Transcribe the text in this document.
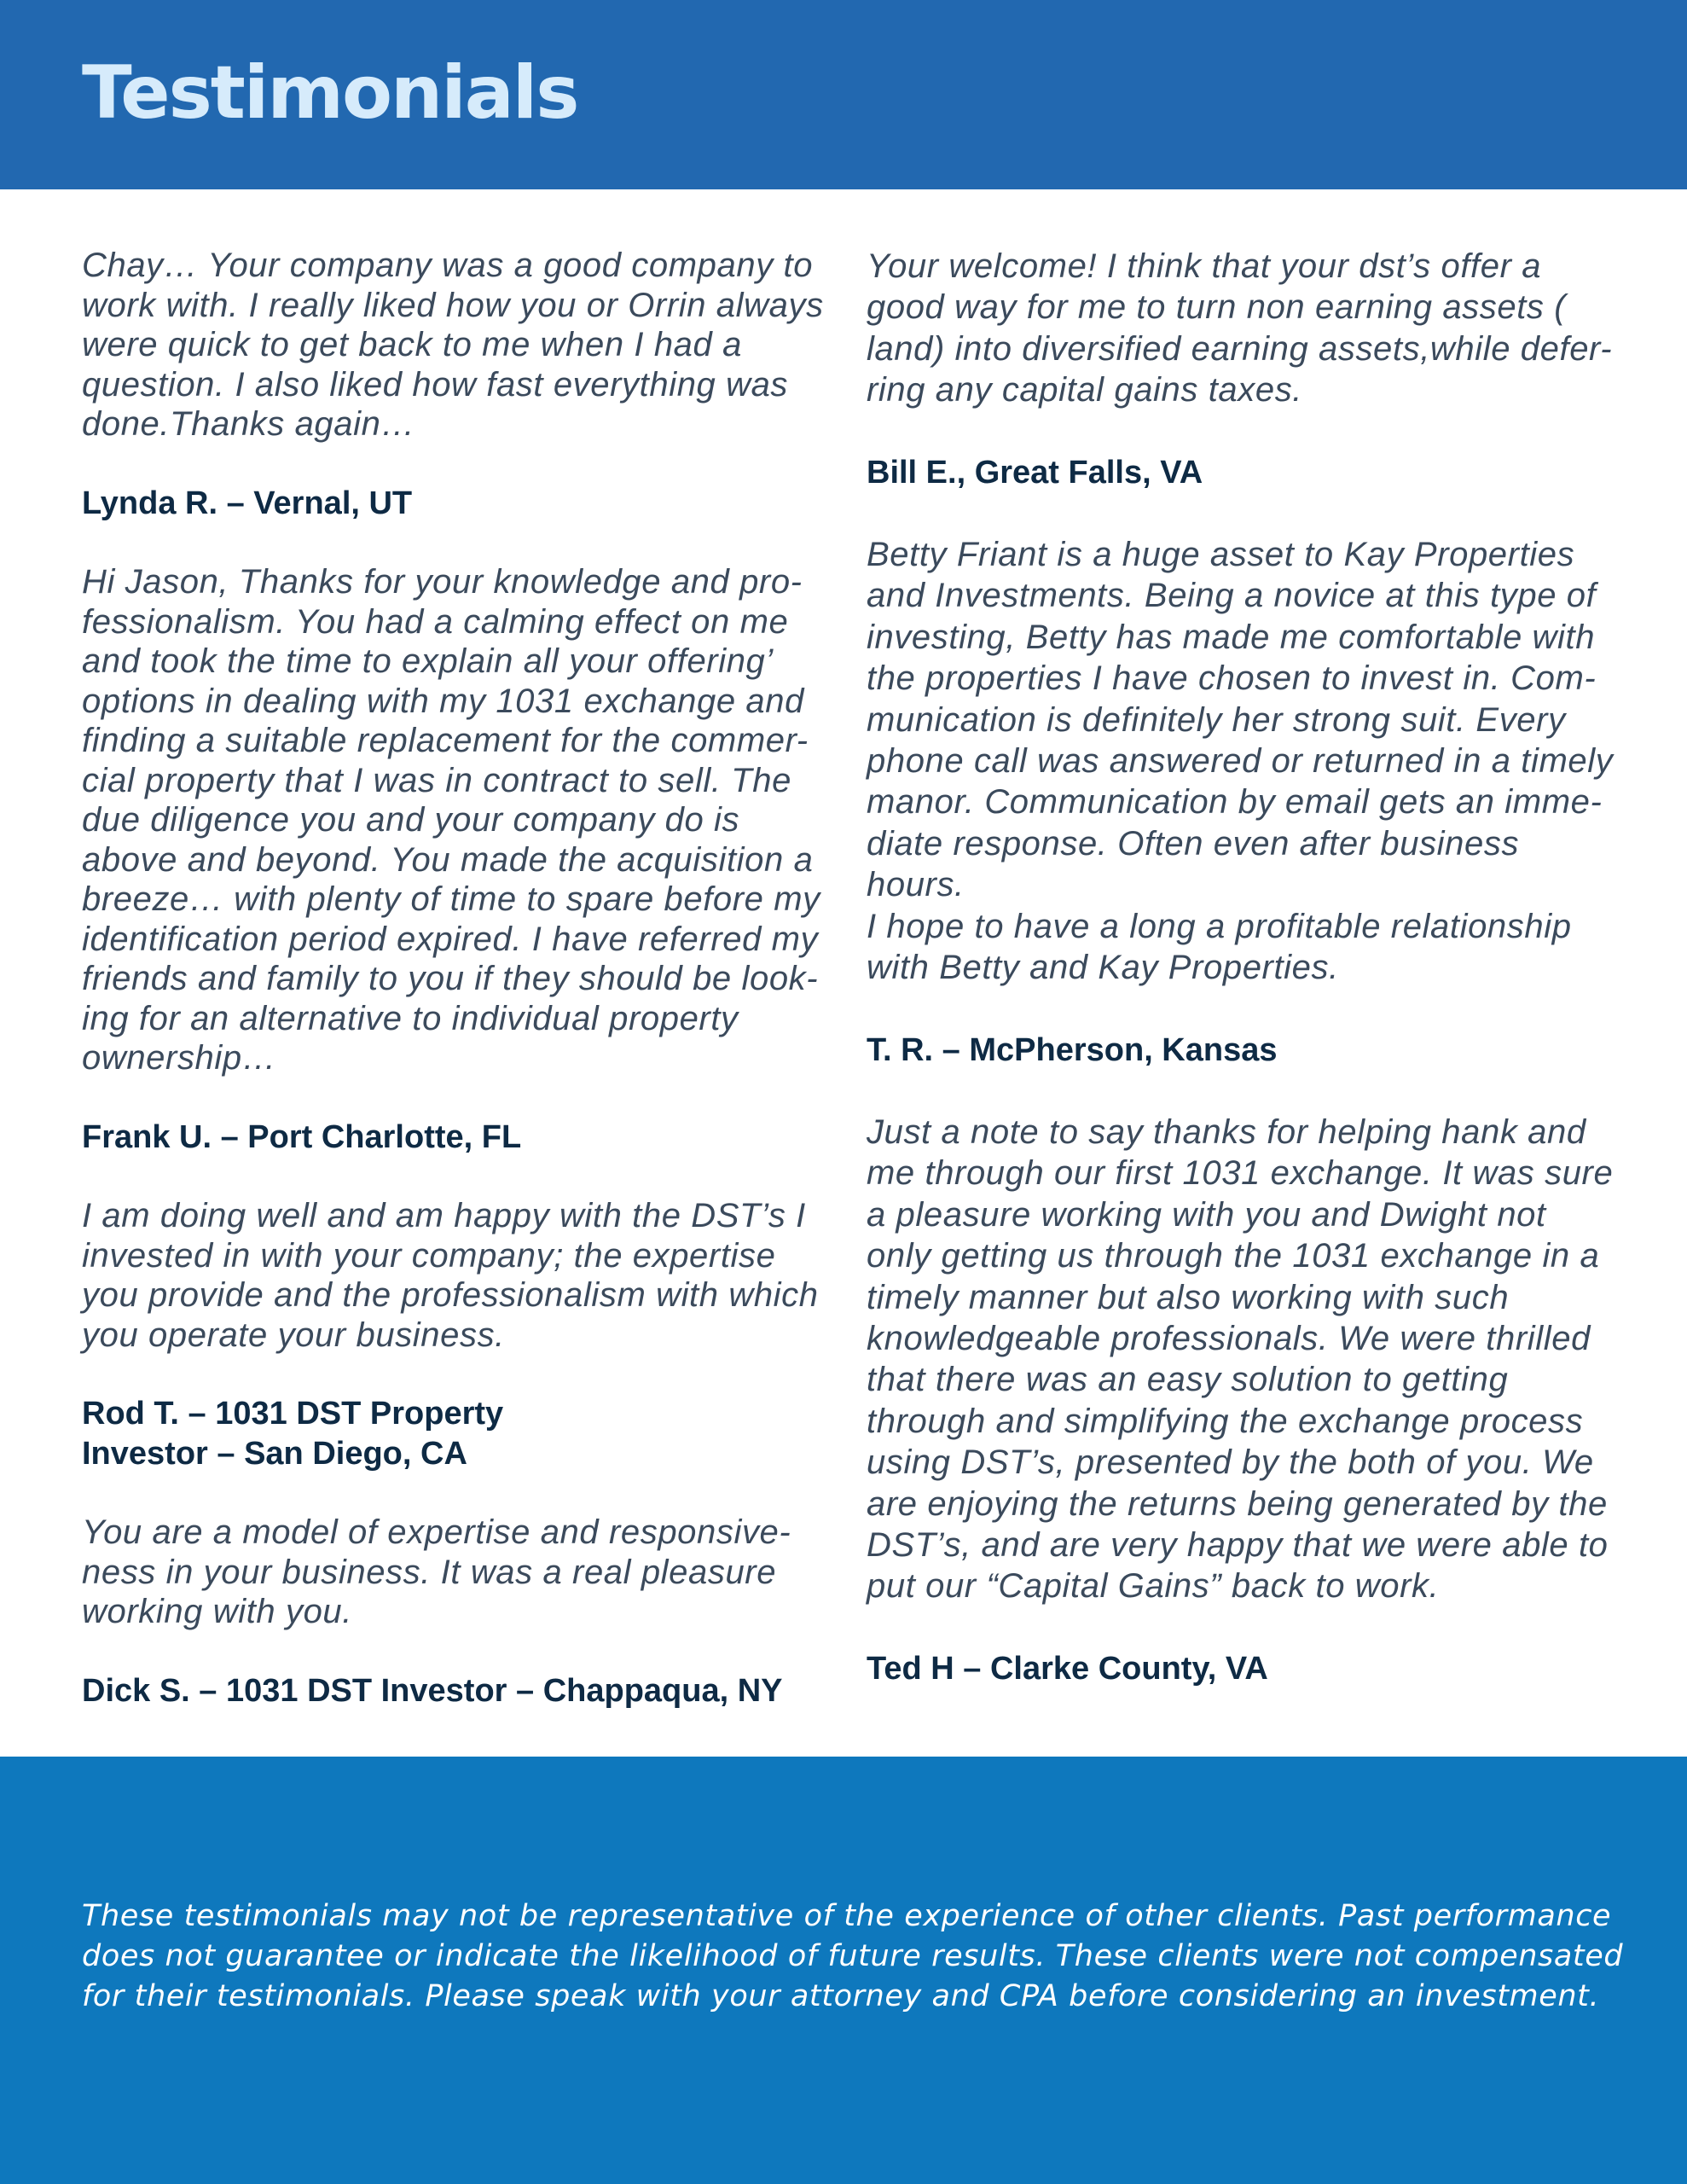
Testimonials

Chay… Your company was a good company to
work with. I really liked how you or Orrin always
were quick to get back to me when I had a
question. I also liked how fast everything was
done.Thanks again…

Lynda R. – Vernal, UT

Hi Jason, Thanks for your knowledge and pro-
fessionalism. You had a calming effect on me
and took the time to explain all your offering’
options in dealing with my 1031 exchange and
finding a suitable replacement for the commer-
cial property that I was in contract to sell. The
due diligence you and your company do is
above and beyond. You made the acquisition a
breeze… with plenty of time to spare before my
identification period expired. I have referred my
friends and family to you if they should be look-
ing for an alternative to individual property
ownership…

Frank U. – Port Charlotte, FL

I am doing well and am happy with the DST’s I
invested in with your company; the expertise
you provide and the professionalism with which
you operate your business.

Rod T. – 1031 DST Property
Investor – San Diego, CA

You are a model of expertise and responsive-
ness in your business. It was a real pleasure
working with you.

Dick S. – 1031 DST Investor – Chappaqua, NY

Your welcome! I think that your dst’s offer a
good way for me to turn non earning assets (
land) into diversified earning assets,while defer-
ring any capital gains taxes.

Bill E., Great Falls, VA

Betty Friant is a huge asset to Kay Properties
and Investments. Being a novice at this type of
investing, Betty has made me comfortable with
the properties I have chosen to invest in. Com-
munication is definitely her strong suit. Every
phone call was answered or returned in a timely
manor. Communication by email gets an imme-
diate response. Often even after business hours.
I hope to have a long a profitable relationship
with Betty and Kay Properties.

T. R. – McPherson, Kansas

Just a note to say thanks for helping hank and
me through our first 1031 exchange. It was sure
a pleasure working with you and Dwight not
only getting us through the 1031 exchange in a
timely manner but also working with such
knowledgeable professionals. We were thrilled
that there was an easy solution to getting
through and simplifying the exchange process
using DST’s, presented by the both of you. We
are enjoying the returns being generated by the
DST’s, and are very happy that we were able to
put our “Capital Gains” back to work.

Ted H – Clarke County, VA

These testimonials may not be representative of the experience of other clients. Past performance
does not guarantee or indicate the likelihood of future results. These clients were not compensated
for their testimonials. Please speak with your attorney and CPA before considering an investment.
